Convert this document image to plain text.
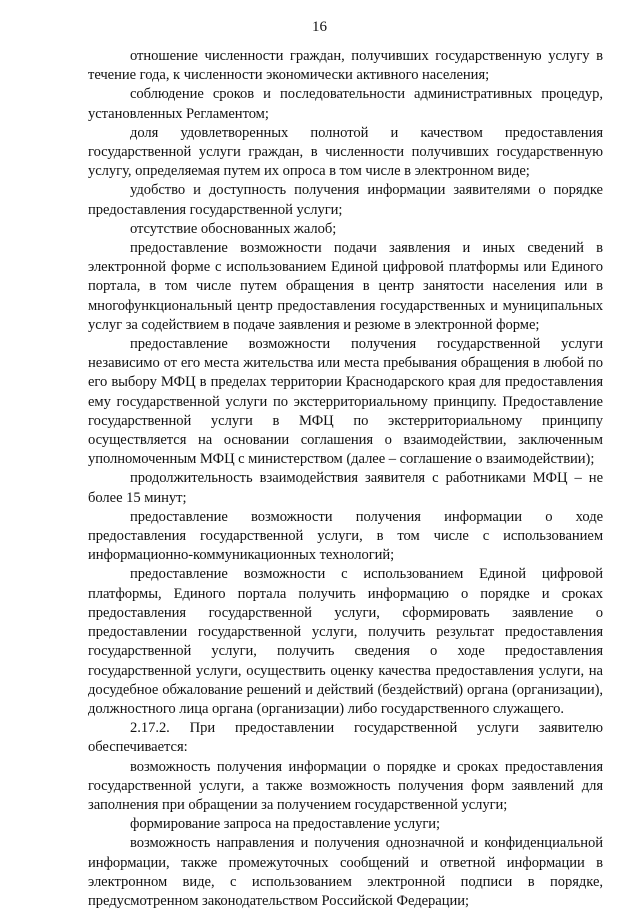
16

отношение численности граждан, получивших государственную услугу в течение года, к численности экономически активного населения;

соблюдение сроков и последовательности административных процедур, установленных Регламентом;

доля удовлетворенных полнотой и качеством предоставления государственной услуги граждан, в численности получивших государственную услугу, определяемая путем их опроса в том числе в электронном виде;

удобство и доступность получения информации заявителями о порядке предоставления государственной услуги;

отсутствие обоснованных жалоб;

предоставление возможности подачи заявления и иных сведений в электронной форме с использованием Единой цифровой платформы или Единого портала, в том числе путем обращения в центр занятости населения или в многофункциональный центр предоставления государственных и муниципальных услуг за содействием в подаче заявления и резюме в электронной форме;

предоставление возможности получения государственной услуги независимо от его места жительства или места пребывания обращения в любой по его выбору МФЦ в пределах территории Краснодарского края для предоставления ему государственной услуги по экстерриториальному принципу. Предоставление государственной услуги в МФЦ по экстерриториальному принципу осуществляется на основании соглашения о взаимодействии, заключенным уполномоченным МФЦ с министерством (далее – соглашение о взаимодействии);

продолжительность взаимодействия заявителя с работниками МФЦ – не более 15 минут;

предоставление возможности получения информации о ходе предоставления государственной услуги, в том числе с использованием информационно-коммуникационных технологий;

предоставление возможности с использованием Единой цифровой платформы, Единого портала получить информацию о порядке и сроках предоставления государственной услуги, сформировать заявление о предоставлении государственной услуги, получить результат предоставления государственной услуги, получить сведения о ходе предоставления государственной услуги, осуществить оценку качества предоставления услуги, на досудебное обжалование решений и действий (бездействий) органа (организации), должностного лица органа (организации) либо государственного служащего.

2.17.2. При предоставлении государственной услуги заявителю обеспечивается:

возможность получения информации о порядке и сроках предоставления государственной услуги, а также возможность получения форм заявлений для заполнения при обращении за получением государственной услуги;

формирование запроса на предоставление услуги;

возможность направления и получения однозначной и конфиденциальной информации, также промежуточных сообщений и ответной информации в электронном виде, с использованием электронной подписи в порядке, предусмотренном законодательством Российской Федерации;
